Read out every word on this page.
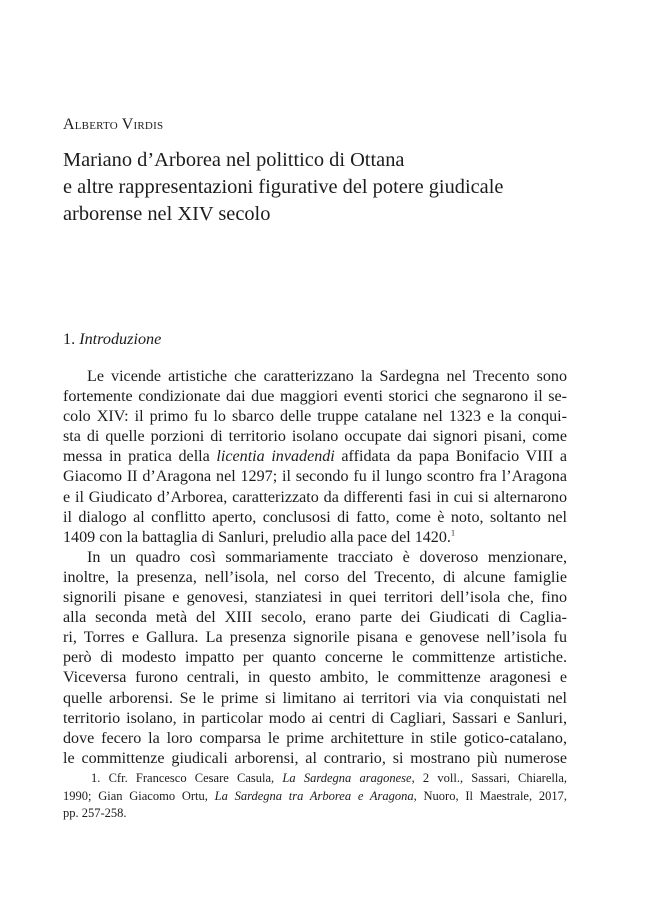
Alberto Virdis
Mariano d’Arborea nel polittico di Ottana
e altre rappresentazioni figurative del potere giudicale
arborense nel XIV secolo
1. Introduzione
Le vicende artistiche che caratterizzano la Sardegna nel Trecento sono
fortemente condizionate dai due maggiori eventi storici che segnarono il se-
colo XIV: il primo fu lo sbarco delle truppe catalane nel 1323 e la conqui-
sta di quelle porzioni di territorio isolano occupate dai signori pisani, come
messa in pratica della licentia invadendi affidata da papa Bonifacio VIII a
Giacomo II d’Aragona nel 1297; il secondo fu il lungo scontro fra l’Aragona
e il Giudicato d’Arborea, caratterizzato da differenti fasi in cui si alternarono
il dialogo al conflitto aperto, conclusosi di fatto, come è noto, soltanto nel
1409 con la battaglia di Sanluri, preludio alla pace del 1420.$^1$
In un quadro così sommariamente tracciato è doveroso menzionare,
inoltre, la presenza, nell’isola, nel corso del Trecento, di alcune famiglie
signorili pisane e genovesi, stanziatesi in quei territori dell’isola che, fino
alla seconda metà del XIII secolo, erano parte dei Giudicati di Caglia-
ri, Torres e Gallura. La presenza signorile pisana e genovese nell’isola fu
però di modesto impatto per quanto concerne le committenze artistiche.
Viceversa furono centrali, in questo ambito, le committenze aragonesi e
quelle arborensi. Se le prime si limitano ai territori via via conquistati nel
territorio isolano, in particolar modo ai centri di Cagliari, Sassari e Sanluri,
dove fecero la loro comparsa le prime architetture in stile gotico-catalano,
le committenze giudicali arborensi, al contrario, si mostrano più numerose
1. Cfr. Francesco Cesare Casula, La Sardegna aragonese, 2 voll., Sassari, Chiarella,
1990; Gian Giacomo Ortu, La Sardegna tra Arborea e Aragona, Nuoro, Il Maestrale, 2017,
pp. 257-258.
